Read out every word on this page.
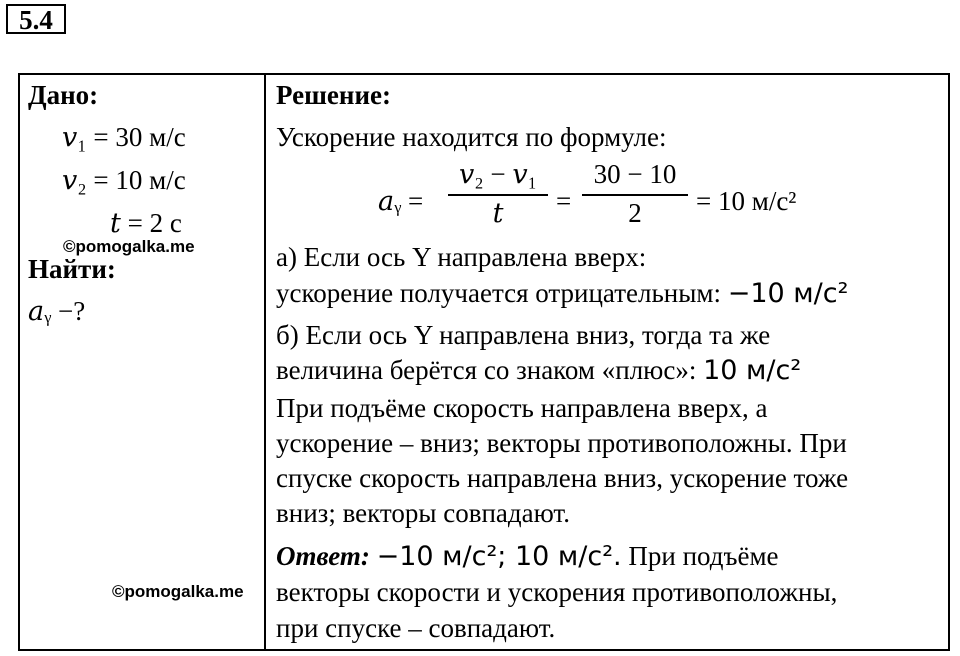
5.4
Дано:
𝑣₁ = 30 м/с
𝑣₂ = 10 м/с
𝑡 = 2 с
©pomogalka.me
Найти:
𝑎ᵧ −?
©pomogalka.me
Решение:
Ускорение находится по формуле:
𝑎ᵧ =
𝑣₂ − 𝑣₁
𝑡	=
30 − 10
2	= 10 м/с²
а) Если ось Y направлена вверх:
ускорение получается отрицательным: −10 м/с²
б) Если ось Y направлена вниз, тогда та же
величина берётся со знаком «плюс»: 10 м/с²
При подъёме скорость направлена вверх, а
ускорение – вниз; векторы противоположны. При
спуске скорость направлена вниз, ускорение тоже
вниз; векторы совпадают.
Ответ: −10 м/с²; 10 м/с². При подъёме
векторы скорости и ускорения противоположны,
при спуске – совпадают.
